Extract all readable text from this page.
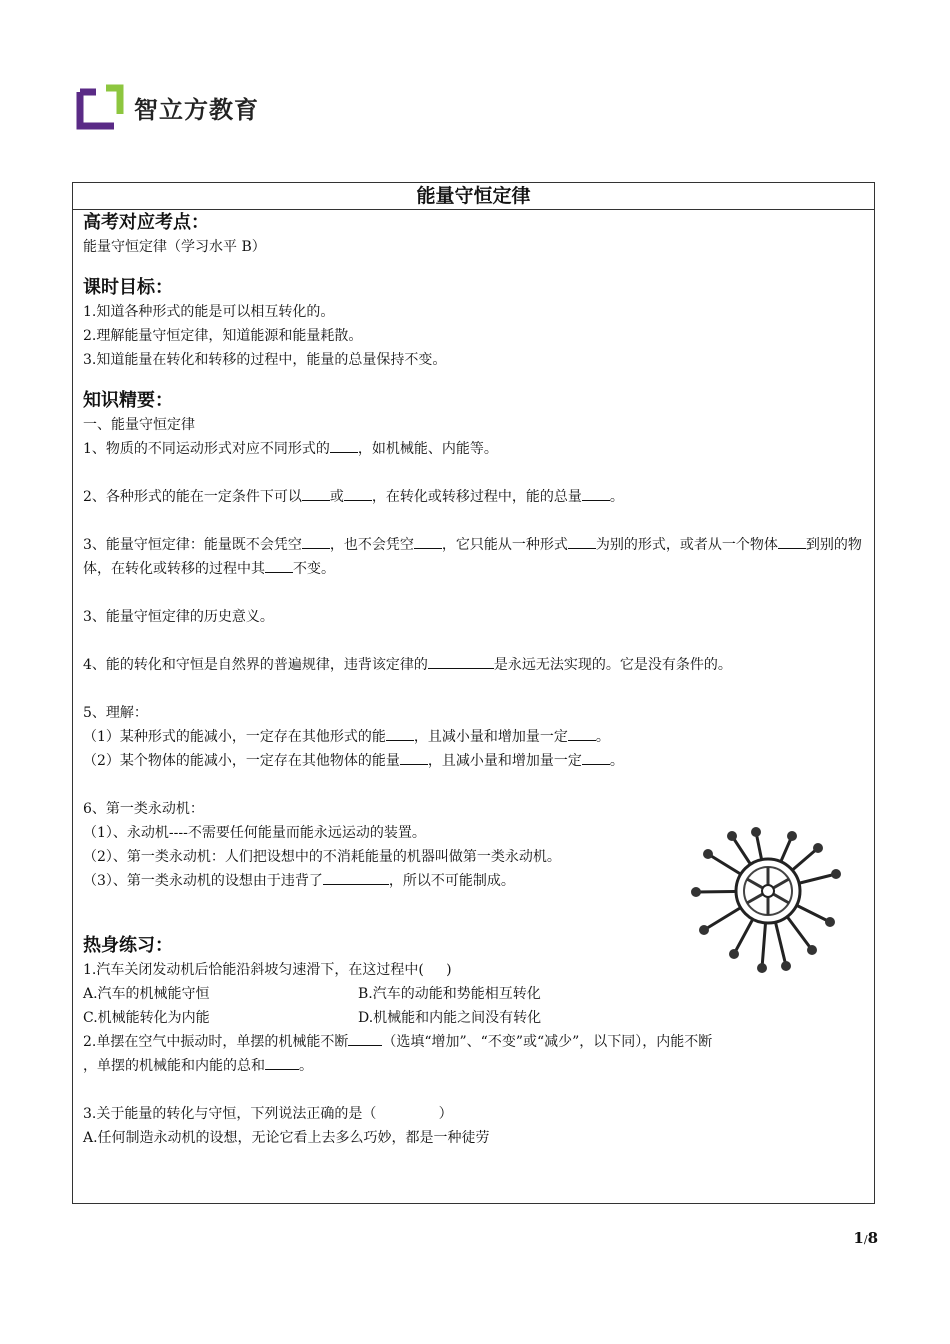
智立方教育
能量守恒定律
高考对应考点：
能量守恒定律（学习水平 B）
课时目标：
1.知道各种形式的能是可以相互转化的。
2.理解能量守恒定律，知道能源和能量耗散。
3.知道能量在转化和转移的过程中，能量的总量保持不变。
知识精要：
一、能量守恒定律
1、物质的不同运动形式对应不同形式的 ，如机械能、内能等。
2、各种形式的能在一定条件下可以 或 ，在转化或转移过程中，能的总量 。
3、能量守恒定律：能量既不会凭空 ，也不会凭空 ，它只能从一种形式 为别的形式，或者从一个物体 到别的物体，在转化或转移的过程中其 不变。
3、能量守恒定律的历史意义。
4、能的转化和守恒是自然界的普遍规律，违背该定律的	是永远无法实现的。它是没有条件的。
5、理解：
（1）某种形式的能减小，一定存在其他形式的能 ，且减小量和增加量一定 。
（2）某个物体的能减小，一定存在其他物体的能量 ，且减小量和增加量一定 。
6、第一类永动机：
（1）、永动机----不需要任何能量而能永远运动的装置。
（2）、第一类永动机：人们把设想中的不消耗能量的机器叫做第一类永动机。
（3）、第一类永动机的设想由于违背了	，所以不可能制成。
热身练习：
1.汽车关闭发动机后恰能沿斜坡匀速滑下，在这过程中(     )
A.汽车的机械能守恒	B.汽车的动能和势能相互转化
C.机械能转化为内能	D.机械能和内能之间没有转化
2.单摆在空气中振动时，单摆的机械能不断 （选填“增加”、“不变”或“减少”，以下同），内能不断
，单摆的机械能和内能的总和 。
3.关于能量的转化与守恒，下列说法正确的是（              ）
A.任何制造永动机的设想，无论它看上去多么巧妙，都是一种徒劳
1/8
